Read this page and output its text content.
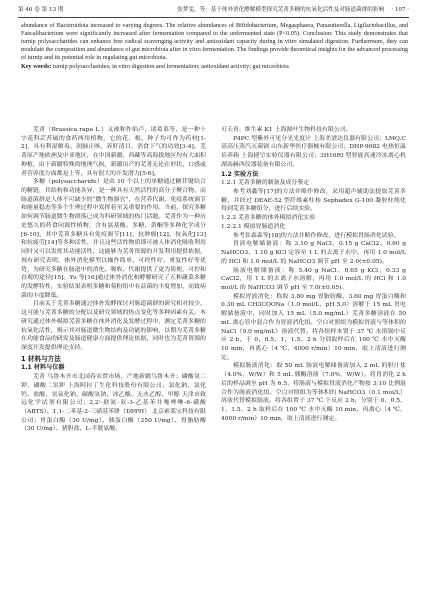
第 46 卷 第 13 期	张梦雯，等：基于体外消化酵解模型探究芜菁多糖的抗氧化活性及对肠道菌群的影响 · 107 ·

abundance of Bacteroidota increased to varying degrees. The relative abundances of Bifidobacterium, Megasphaera, Parasutterella, Ligilactobacillus, and Faecalibacterium were significantly increased after fermentation compared to the unfermented state (P<0.05). Conclusion: This study demonstrates that turnip polysaccharides can enhance free radical scavenging activity and antioxidant capacity during in vitro simulated digestion. Furthermore, they can modulate the composition and abundance of gut microbiota after in vitro fermentation. The findings provide theoretical insights for the advanced processing of turnip and its potential role in regulating gut microbiota.

Key words: turnip polysaccharides; in vitro digestion and fermentation; antioxidant activity; gut microbiota

芜菁（Brassica rapa L.）又被称作焰卢，诸葛菜等，是一种十字花科芸苔属的食药两用植物，它的花、根、种子均可作为药材[1-2]，具有利湿解毒、润肺止咳、养肝清目、消食下气的功效[3-4]。芜菁原产地欧洲及中亚地区，在中国新疆、西藏等高海拔地区均有大面积种植，由于新疆特殊的地理气候，新疆出产的芜菁无论在形状、口感或者营养度方面都是上等，具有很大的开发潜力[5-6]。

多糖（polysaccharide）是由 10 个以上的单糖通过糖苷键结合的糖链，其结构和功能各异，是一种具有天然活性的高分子聚合物。而肠道菌群是人体不可缺少的“微生物器官”，在营养代谢、免疫系统调节和能量稳态等多个生理过程中发挥着至关重要的作用。当前，探究多糖如何调节肠道微生物群落已成为科研领域的热门话题。芜菁作为一种历史悠久的药食同源性植物，含有氨基酸、多糖、黄酮等多种化学成分[6-10]，其中芜菁多糖具有免疫调节[11]、抗肿瘤[12]、抗氧化[13]和抗疲劳[14]等多种活性，并且这些活性物质即可被人体消化吸收利用同时又可以发挥其功能活性，这能够为芜菁资源的开发利用提供依据。现有研究表明，体外消化模型以操作简单、可控性好、重复性好等优势，为研究多糖在肠道中的消化、吸收、代谢提供了更为简便、可控和直观的途径[15]。Yu 等[16]通过体外消化和酵解研究了五种蔬菜多糖的发酵特性，实验结果表明多糖和菊粉组中有益菌的丰度增加，而致病菌的丰度降低。

目前关于芜菁多糖通过体外发酵探讨对肠道菌群的研究相对较少，这可能与芜菁多糖的分配以及研究领域的热点变化等多种因素有关。本研究通过体外模拟芜菁多糖在体外消化及发酵过程中，测定芜菁多糖的抗氧化活性，揭示其对肠道微生物结构及功能的影响，以期为芜菁多糖在功能食品的研发及肠道健康方面提供理论依据，同时也为芜菁资源的深度开发提供理论支持。

1 材料与方法

1.1 材料与仪器

芜菁 乌鲁木齐市北园春农贸市场，产地新疆乌鲁木齐；磷酸氢二钾、磷酸二氢钾 上海阿拉丁生化科技股份有限公司；氯化钠、氯化钙、盐酸、氢氧化钠、碳酸氢钠、冰乙酸、无水乙醇、甲醇 天津市致远化学试剂有限公司；2,2'-联氮-双-3-乙基苯并噻唑啉-6-磺酸（ABTS）、1,1-二苯基-2-三硝基苯肼（DPPH） 北京索莱宝科技有限公司；胃蛋白酶（30 U/mg）、胰蛋白酶（250 U/mg）、胃脂肪酶（30 U/mg）、猪胆盐、L-半胱氨酸、

刃天青、维生素 K1 上海源叶生物科技有限公司。

P4PC 型紫外可见分光光度计 上海美谱达仪器有限公司；LMQ.C 基高压蒸汽灭菌锅 山东新华医疗器械有限公司；DHP-9082 电热恒温培养箱 上海捷呈实验仪器有限公司；3H16RI 型智能高速冷冻离心机 湖南赫西仪器装备有限公司。

1.2 实验方法

1.2.1 芜菁多糖的制备及成分鉴定

参考刘鑫等[17]的方法并略作修改，采用超声辅助法提取芜菁多糖，并经过 DEAE-52 型纤维素柱和 Sephadex G-100 凝胶柱纯化得到芜菁多糖组分，进行后续实验。

1.2.2 芜菁多糖的体外模拟消化实验

1.2.2.1 模拟胃肠道消化

参考张森森等[18]的方法并略作修改，进行模拟胃肠消化试验。

胃液电解储备液：称 3.10 g NaCl、0.15 g CaCl2、0.60 g NaHCO3、1.10 g KCl 定容至 1 L 的去离子水中。再用 1.0 mol/L 的 HCl 和 1.0 mol/L 的 NaHCO3 调节 pH 至 2.0(±0.05)。

肠液电解储备液：称 5.40 g NaCl、0.65 g KCl、0.33 g CaCl2，用 1 L 的去离子水溶解，再用 1.0 mol/L 的 HCl 和 1.0 mol/L 的 NaHCO3 调节 pH 至 7.0(±0.05)。

模拟胃液消化：称取 3.80 mg 胃脂肪酶、3.60 mg 胃蛋白酶和 0.30 mL CH3COONa（1.0 mol/L，pH 5.0）溶解于 15 mL 胃电解储备液中，同时加入 15 mL（5.0 mg/mL）芜菁多糖溶液在 50 mL 离心管中混合作为胃液消化组。空白对照组为模拟胃液与等体积的 NaCl（9.0 mg/mL）溶液代替。将各组样本置于 37 ℃ 水浴锅中反应 2 h，于 0、0.5、1、1.5、2 h 分别取样后在 100 ℃ 水中灭酶 10 min，再离心（4 ℃、4000 r/min）10 min，取上清液进行测定。

模拟肠液消化：取 50 mL 肠液电解储备液加入 2 mL 的胆汁盐（4.0%，W/W）和 5 mL 胰酶溶液（7.0%，W/W）。将胃消化 2 h 后的样品调至 pH 为 6.5，将肠液与模拟胃液消化产物按 3:10 比例混合作为肠液消化组。空白对照组为等体积的 NaHCO3（0.1 mol/L）溶液代替模拟肠液。将各组置于 37 ℃ 下反应 2 h，分别于 0、0.5、1、1.5、2 h 取样后在 100 ℃ 水中灭酶 10 min，再离心（4 ℃、4000 r/min）10 min，取上清液进行测定。
